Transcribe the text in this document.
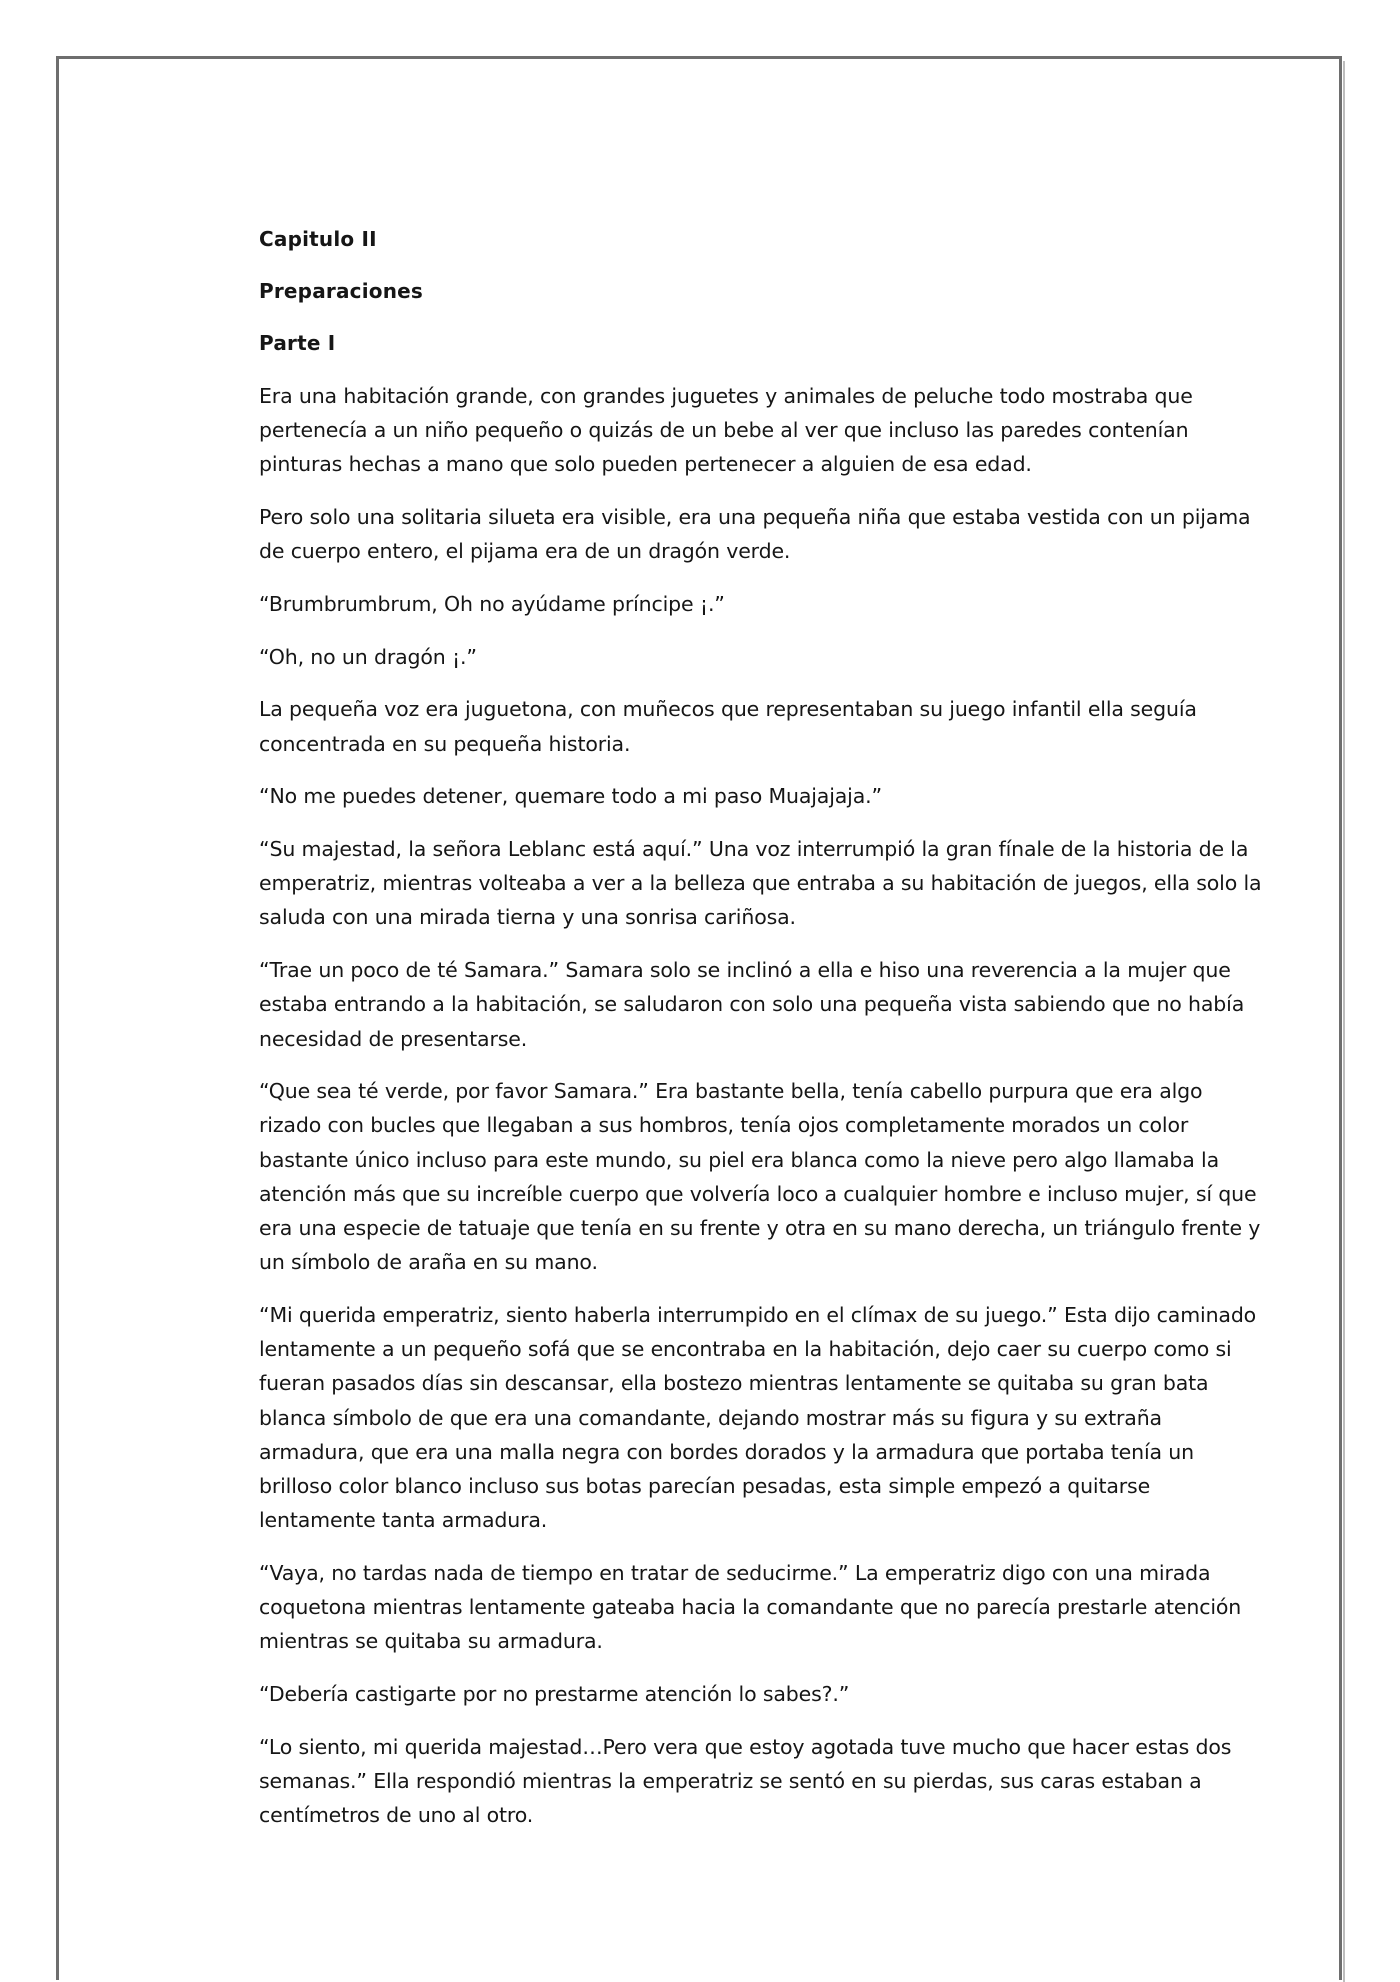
Capitulo II
Preparaciones
Parte I

Era una habitación grande, con grandes juguetes y animales de peluche todo mostraba que pertenecía a un niño pequeño o quizás de un bebe al ver que incluso las paredes contenían pinturas hechas a mano que solo pueden pertenecer a alguien de esa edad.

Pero solo una solitaria silueta era visible, era una pequeña niña que estaba vestida con un pijama de cuerpo entero, el pijama era de un dragón verde.

“Brumbrumbrum, Oh no ayúdame príncipe ¡.”

“Oh, no un dragón ¡.”

La pequeña voz era juguetona, con muñecos que representaban su juego infantil ella seguía concentrada en su pequeña historia.

“No me puedes detener, quemare todo a mi paso Muajajaja.”

“Su majestad, la señora Leblanc está aquí.” Una voz interrumpió la gran fínale de la historia de la emperatriz, mientras volteaba a ver a la belleza que entraba a su habitación de juegos, ella solo la saluda con una mirada tierna y una sonrisa cariñosa.

“Trae un poco de té Samara.” Samara solo se inclinó a ella e hiso una reverencia a la mujer que estaba entrando a la habitación, se saludaron con solo una pequeña vista sabiendo que no había necesidad de presentarse.

“Que sea té verde, por favor Samara.” Era bastante bella, tenía cabello purpura que era algo rizado con bucles que llegaban a sus hombros, tenía ojos completamente morados un color bastante único incluso para este mundo, su piel era blanca como la nieve pero algo llamaba la atención más que su increíble cuerpo que volvería loco a cualquier hombre e incluso mujer, sí que era una especie de tatuaje que tenía en su frente y otra en su mano derecha, un triángulo frente y un símbolo de araña en su mano.

“Mi querida emperatriz, siento haberla interrumpido en el clímax de su juego.” Esta dijo caminado lentamente a un pequeño sofá que se encontraba en la habitación, dejo caer su cuerpo como si fueran pasados días sin descansar, ella bostezo mientras lentamente se quitaba su gran bata blanca símbolo de que era una comandante, dejando mostrar más su figura y su extraña armadura, que era una malla negra con bordes dorados y la armadura que portaba tenía un brilloso color blanco incluso sus botas parecían pesadas, esta simple empezó a quitarse lentamente tanta armadura.

“Vaya, no tardas nada de tiempo en tratar de seducirme.” La emperatriz digo con una mirada coquetona mientras lentamente gateaba hacia la comandante que no parecía prestarle atención mientras se quitaba su armadura.

“Debería castigarte por no prestarme atención lo sabes?.”

“Lo siento, mi querida majestad…Pero vera que estoy agotada tuve mucho que hacer estas dos semanas.” Ella respondió mientras la emperatriz se sentó en su pierdas, sus caras estaban a centímetros de uno al otro.
